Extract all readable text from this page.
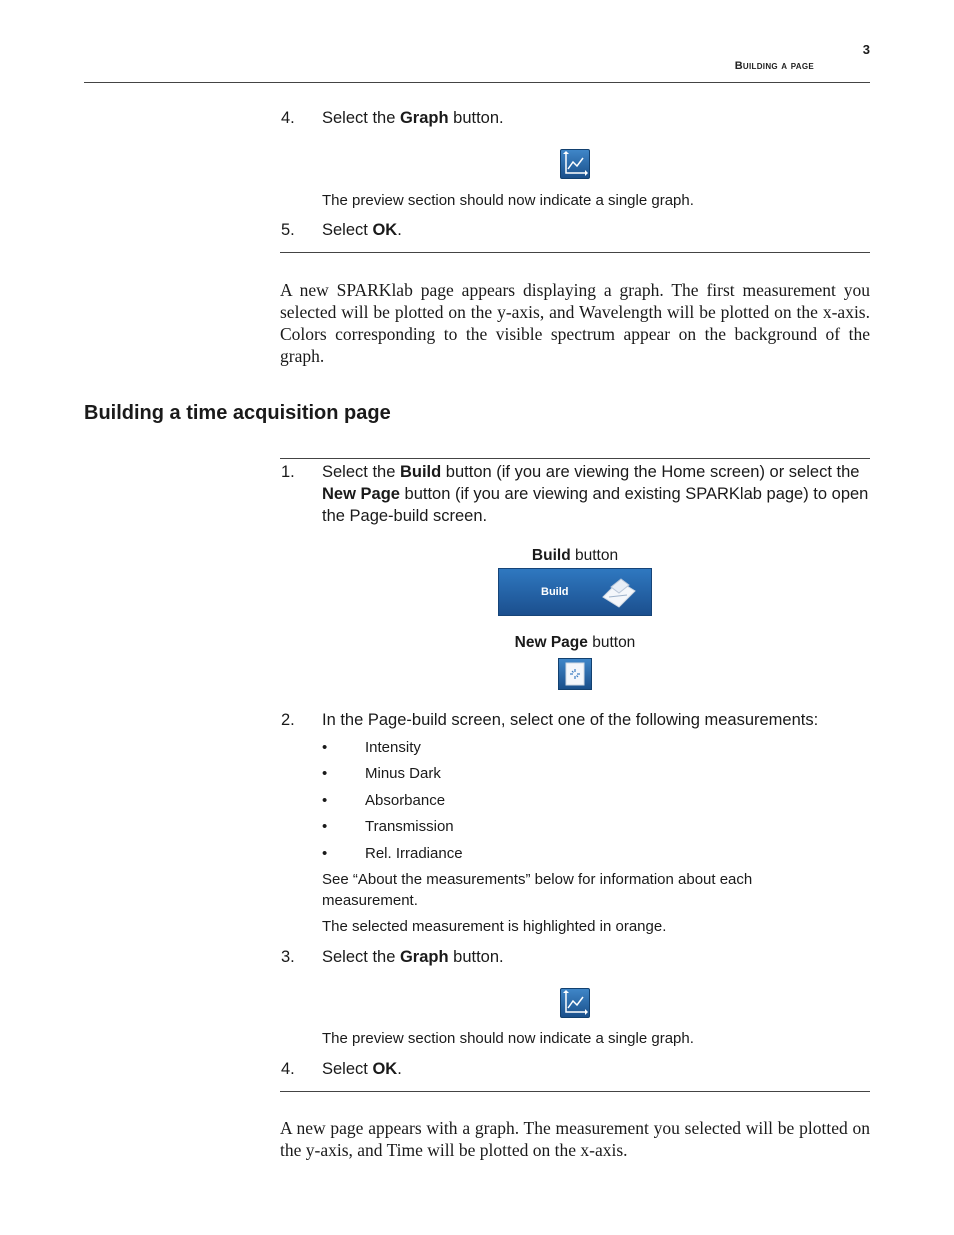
3
Building a page
4. Select the Graph button.
The preview section should now indicate a single graph.
5. Select OK.
A new SPARKlab page appears displaying a graph. The first measurement you selected will be plotted on the y-axis, and Wavelength will be plotted on the x-axis. Colors corresponding to the visible spectrum appear on the background of the graph.
Building a time acquisition page
1. Select the Build button (if you are viewing the Home screen) or select the New Page button (if you are viewing and existing SPARKlab page) to open the Page-build screen.
Build button
Build
New Page button
2. In the Page-build screen, select one of the following measurements:
•	Intensity
•	Minus Dark
•	Absorbance
•	Transmission
•	Rel. Irradiance
See “About the measurements” below for information about each measurement.
The selected measurement is highlighted in orange.
3. Select the Graph button.
The preview section should now indicate a single graph.
4. Select OK.
A new page appears with a graph. The measurement you selected will be plotted on the y-axis, and Time will be plotted on the x-axis.
